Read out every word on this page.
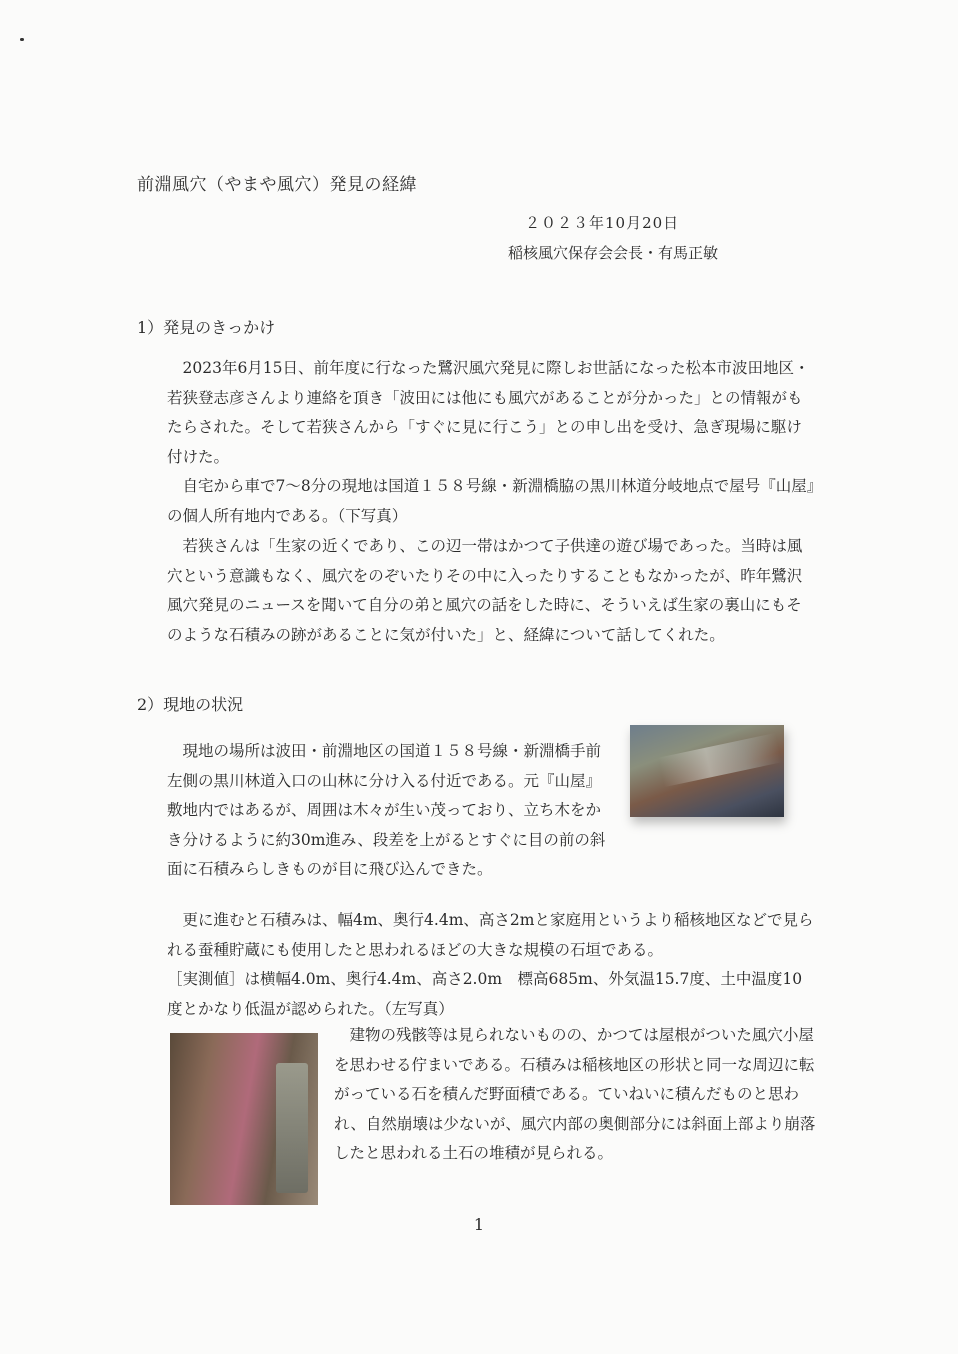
前淵風穴（やまや風穴）発見の経緯
２０２３年10月20日
稲核風穴保存会会長・有馬正敏
1）発見のきっかけ
2023年6月15日、前年度に行なった鷺沢風穴発見に際しお世話になった松本市波田地区・若狭登志彦さんより連絡を頂き「波田には他にも風穴があることが分かった」との情報がもたらされた。そして若狭さんから「すぐに見に行こう」との申し出を受け、急ぎ現場に駆け付けた。
自宅から車で7〜8分の現地は国道１５８号線・新淵橋脇の黒川林道分岐地点で屋号『山屋』の個人所有地内である。（下写真）
若狭さんは「生家の近くであり、この辺一帯はかつて子供達の遊び場であった。当時は風穴という意識もなく、風穴をのぞいたりその中に入ったりすることもなかったが、昨年鷺沢風穴発見のニュースを聞いて自分の弟と風穴の話をした時に、そういえば生家の裏山にもそのような石積みの跡があることに気が付いた」と、経緯について話してくれた。
2）現地の状況
現地の場所は波田・前淵地区の国道１５８号線・新淵橋手前左側の黒川林道入口の山林に分け入る付近である。元『山屋』敷地内ではあるが、周囲は木々が生い茂っており、立ち木をかき分けるように約30m進み、段差を上がるとすぐに目の前の斜面に石積みらしきものが目に飛び込んできた。
更に進むと石積みは、幅4m、奥行4.4m、高さ2mと家庭用というより稲核地区などで見られる蚕種貯蔵にも使用したと思われるほどの大きな規模の石垣である。
［実測値］は横幅4.0m、奥行4.4m、高さ2.0m　標高685m、外気温15.7度、土中温度10度とかなり低温が認められた。（左写真）
建物の残骸等は見られないものの、かつては屋根がついた風穴小屋を思わせる佇まいである。石積みは稲核地区の形状と同一な周辺に転がっている石を積んだ野面積である。ていねいに積んだものと思われ、自然崩壊は少ないが、風穴内部の奥側部分には斜面上部より崩落したと思われる土石の堆積が見られる。
1
